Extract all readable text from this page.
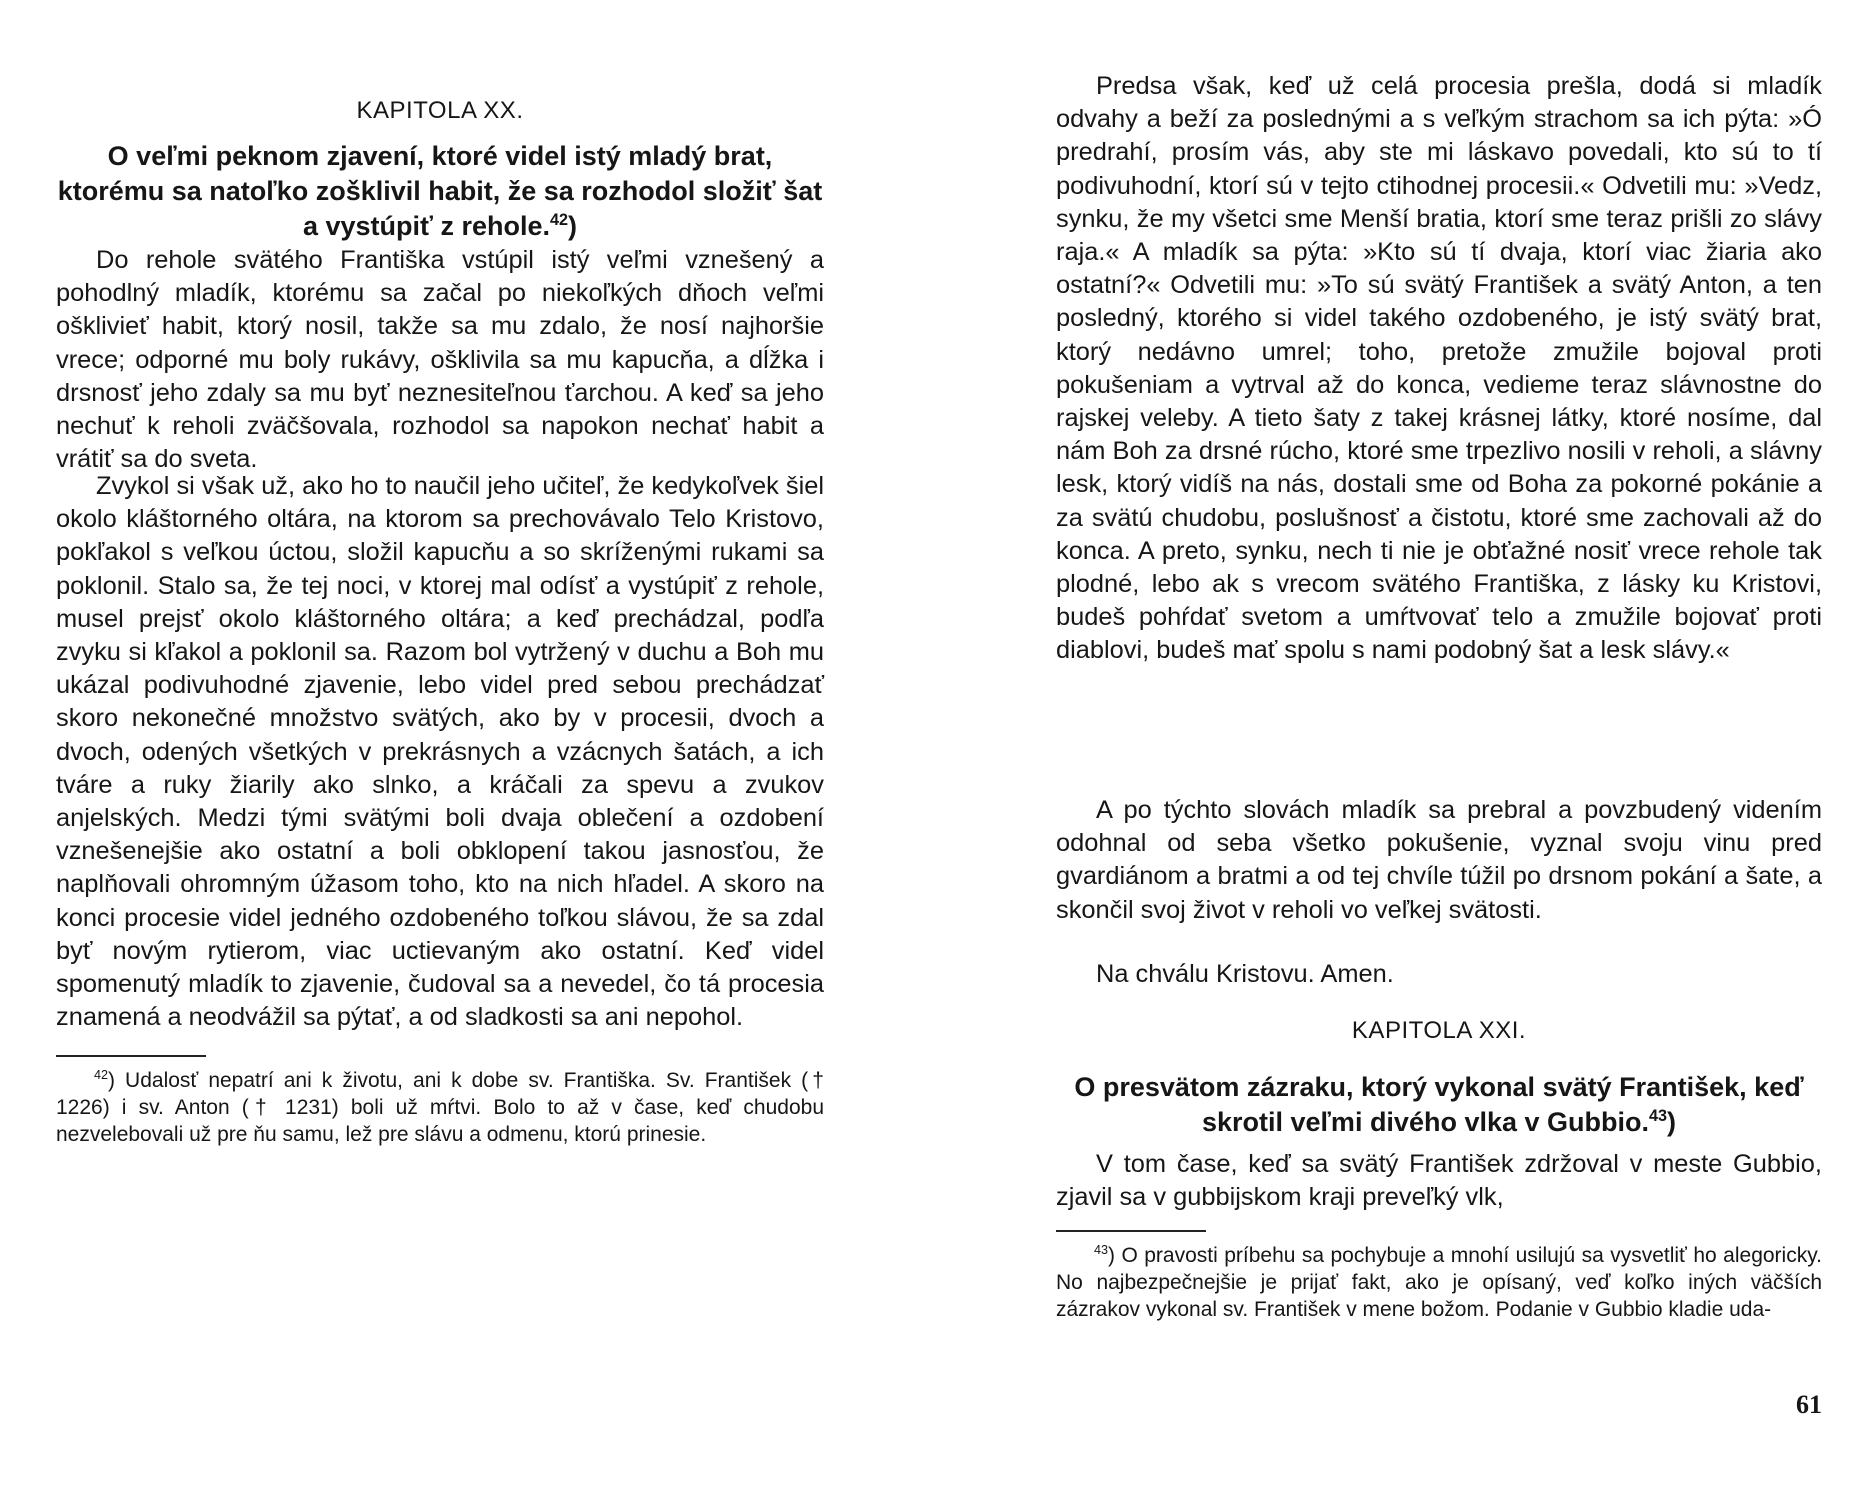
KAPITOLA XX.
O veľmi peknom zjavení, ktoré videl istý mladý brat, ktorému sa natoľko zošklivil habit, že sa rozhodol složiť šat a vystúpiť z rehole.$^{42}$)
Do rehole svätého Františka vstúpil istý veľmi vznešený a pohodlný mladík, ktorému sa začal po niekoľkých dňoch veľmi ošklivieť habit, ktorý nosil, takže sa mu zdalo, že nosí najhoršie vrece; odporné mu boly rukávy, ošklivila sa mu kapucňa, a dĺžka i drsnosť jeho zdaly sa mu byť neznesiteľnou ťarchou. A keď sa jeho nechuť k reholi zväčšovala, rozhodol sa napokon nechať habit a vrátiť sa do sveta.
Zvykol si však už, ako ho to naučil jeho učiteľ, že kedykoľvek šiel okolo kláštorného oltára, na ktorom sa prechovávalo Telo Kristovo, pokľakol s veľkou úctou, složil kapucňu a so skríženými rukami sa poklonil. Stalo sa, že tej noci, v ktorej mal odísť a vystúpiť z rehole, musel prejsť okolo kláštorného oltára; a keď prechádzal, podľa zvyku si kľakol a poklonil sa. Razom bol vytržený v duchu a Boh mu ukázal podivuhodné zjavenie, lebo videl pred sebou prechádzať skoro nekonečné množstvo svätých, ako by v procesii, dvoch a dvoch, odených všetkých v prekrásnych a vzácnych šatách, a ich tváre a ruky žiarily ako slnko, a kráčali za spevu a zvukov anjelských. Medzi tými svätými boli dvaja oblečení a ozdobení vznešenejšie ako ostatní a boli obklopení takou jasnosťou, že naplňovali ohromným úžasom toho, kto na nich hľadel. A skoro na konci procesie videl jedného ozdobeného toľkou slávou, že sa zdal byť novým rytierom, viac uctievaným ako ostatní. Keď videl spomenutý mladík to zjavenie, čudoval sa a nevedel, čo tá procesia znamená a neodvážil sa pýtať, a od sladkosti sa ani nepohol.
$^{42}$) Udalosť nepatrí ani k životu, ani k dobe sv. Františka. Sv. František († 1226) i sv. Anton († 1231) boli už mŕtvi. Bolo to až v čase, keď chudobu nezvelebovali už pre ňu samu, lež pre slávu a odmenu, ktorú prinesie.
Predsa však, keď už celá procesia prešla, dodá si mladík odvahy a beží za poslednými a s veľkým strachom sa ich pýta: »Ó predrahí, prosím vás, aby ste mi láskavo povedali, kto sú to tí podivuhodní, ktorí sú v tejto ctihodnej procesii.« Odvetili mu: »Vedz, synku, že my všetci sme Menší bratia, ktorí sme teraz prišli zo slávy raja.« A mladík sa pýta: »Kto sú tí dvaja, ktorí viac žiaria ako ostatní?« Odvetili mu: »To sú svätý František a svätý Anton, a ten posledný, ktorého si videl takého ozdobeného, je istý svätý brat, ktorý nedávno umrel; toho, pretože zmužile bojoval proti pokušeniam a vytrval až do konca, vedieme teraz slávnostne do rajskej veleby. A tieto šaty z takej krásnej látky, ktoré nosíme, dal nám Boh za drsné rúcho, ktoré sme trpezlivo nosili v reholi, a slávny lesk, ktorý vidíš na nás, dostali sme od Boha za pokorné pokánie a za svätú chudobu, poslušnosť a čistotu, ktoré sme zachovali až do konca. A preto, synku, nech ti nie je obťažné nosiť vrece rehole tak plodné, lebo ak s vrecom svätého Františka, z lásky ku Kristovi, budeš pohŕdať svetom a umŕtvovať telo a zmužile bojovať proti diablovi, budeš mať spolu s nami podobný šat a lesk slávy.«
A po týchto slovách mladík sa prebral a povzbudený videním odohnal od seba všetko pokušenie, vyznal svoju vinu pred gvardiánom a bratmi a od tej chvíle túžil po drsnom pokání a šate, a skončil svoj život v reholi vo veľkej svätosti.
Na chválu Kristovu. Amen.
KAPITOLA XXI.
O presvätom zázraku, ktorý vykonal svätý František, keď skrotil veľmi divého vlka v Gubbio.$^{43}$)
V tom čase, keď sa svätý František zdržoval v meste Gubbio, zjavil sa v gubbijskom kraji preveľký vlk,
$^{43}$) O pravosti príbehu sa pochybuje a mnohí usilujú sa vysvetliť ho alegoricky. No najbezpečnejšie je prijať fakt, ako je opísaný, veď koľko iných väčších zázrakov vykonal sv. František v mene božom. Podanie v Gubbio kladie uda-
61
